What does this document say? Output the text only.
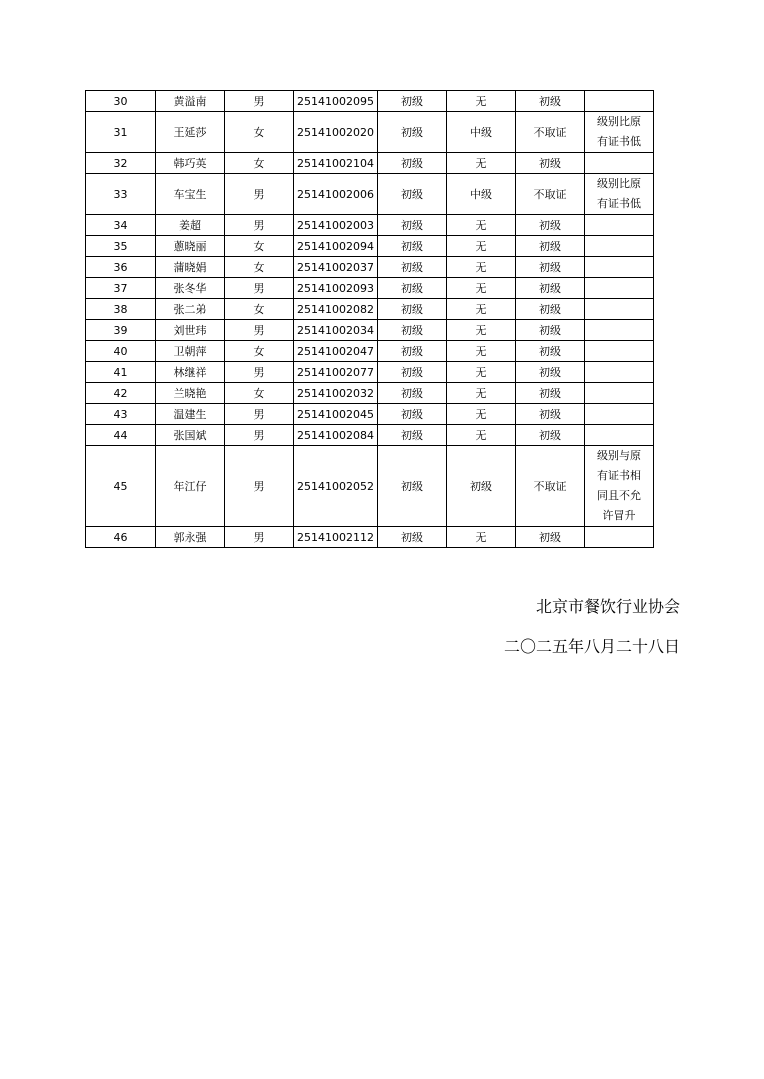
30	黄溢南	男	25141002095	初级	无	初级	
31	王延莎	女	25141002020	初级	中级	不取证	级别比原
有证书低

32	韩巧英	女	25141002104	初级	无	初级	
33	车宝生	男	25141002006	初级	中级	不取证	级别比原
有证书低

34	姜超	男	25141002003	初级	无	初级	
35	蔥晓丽	女	25141002094	初级	无	初级	
36	蒲晓娟	女	25141002037	初级	无	初级	
37	张冬华	男	25141002093	初级	无	初级	
38	张二弟	女	25141002082	初级	无	初级	
39	刘世玮	男	25141002034	初级	无	初级	
40	卫朝萍	女	25141002047	初级	无	初级	
41	林继祥	男	25141002077	初级	无	初级	
42	兰晓艳	女	25141002032	初级	无	初级	
43	温建生	男	25141002045	初级	无	初级	
44	张国斌	男	25141002084	初级	无	初级	
45	年江仔	男	25141002052	初级	初级	不取证	级别与原
有证书相
同且不允
许冒升

46	郭永强	男	25141002112	初级	无	初级	
北京市餐饮行业协会
二〇二五年八月二十八日
